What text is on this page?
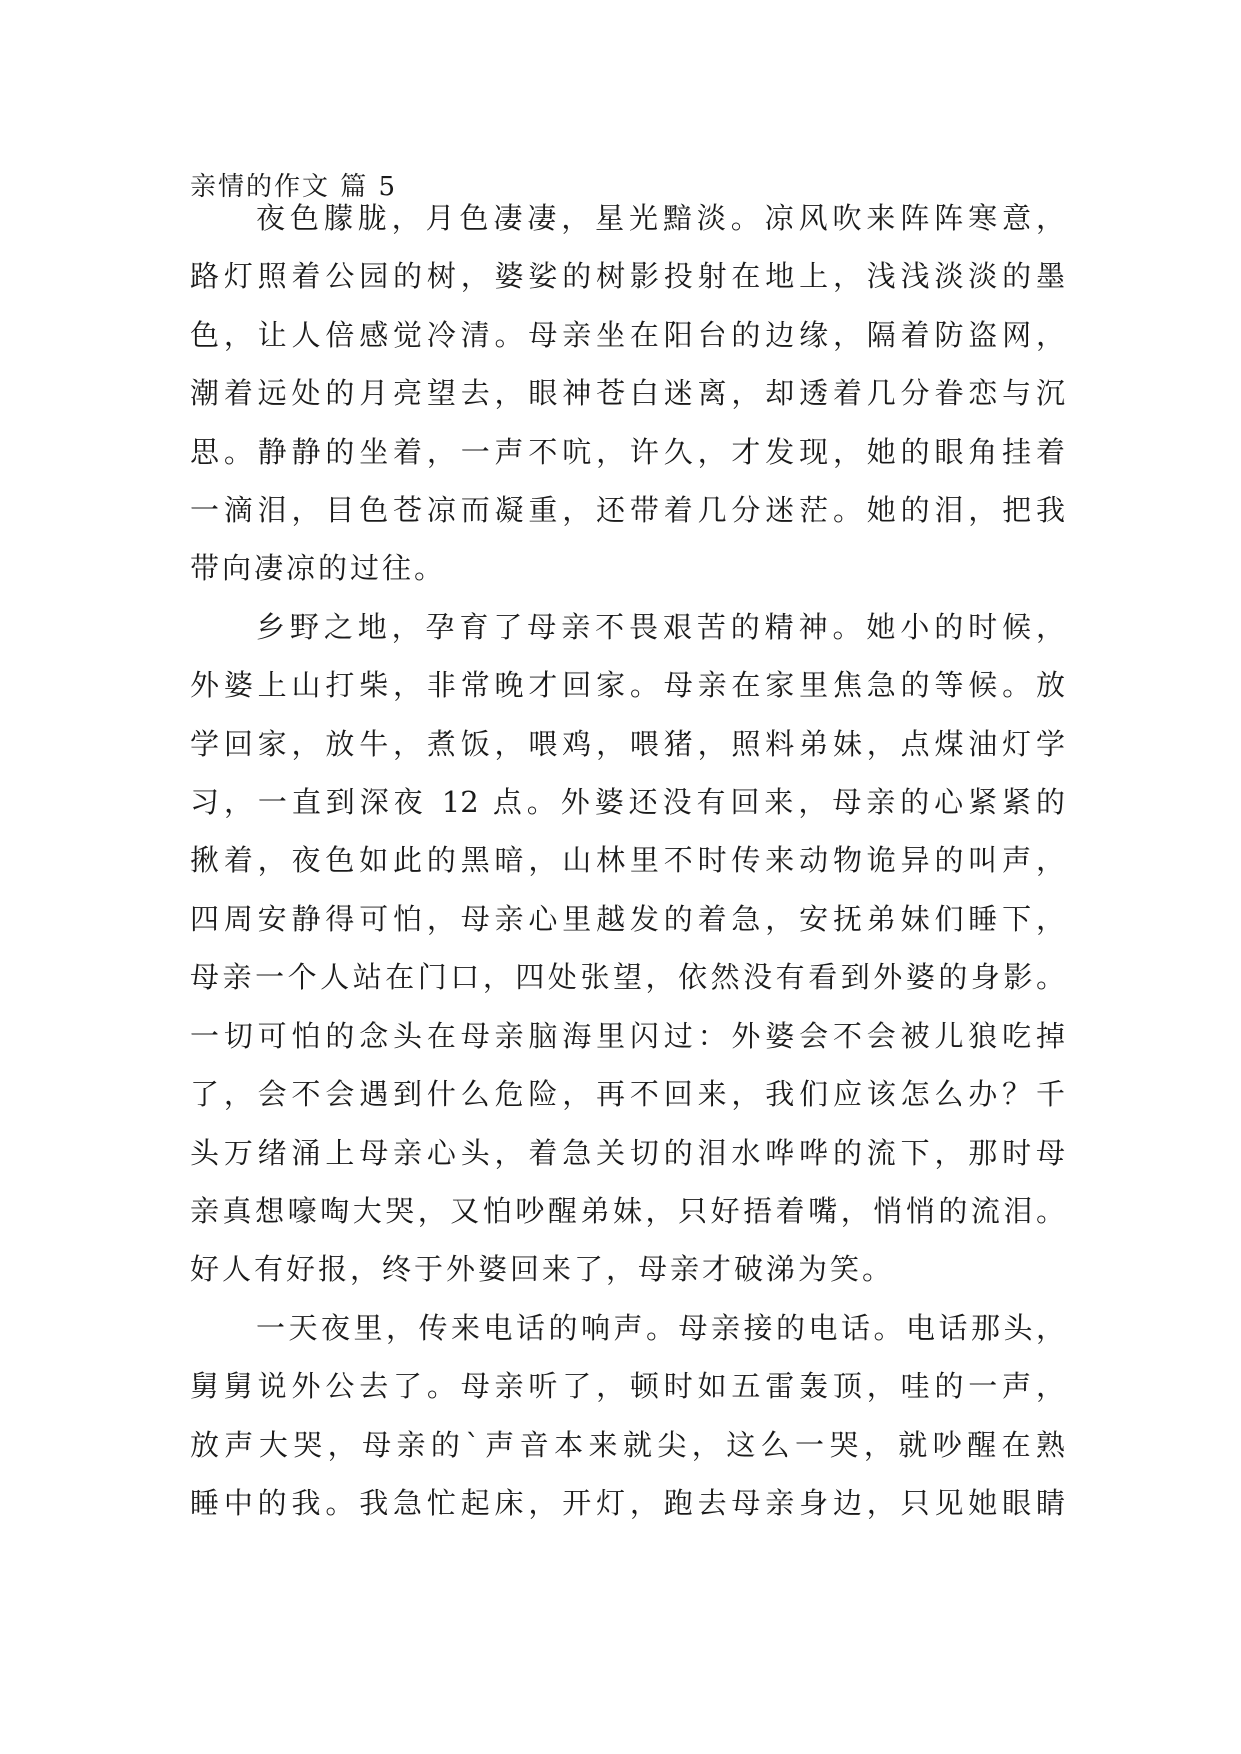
亲情的作文 篇 5
夜色朦胧，月色凄凄，星光黯淡。凉风吹来阵阵寒意，
路灯照着公园的树，婆娑的树影投射在地上，浅浅淡淡的墨
色，让人倍感觉冷清。母亲坐在阳台的边缘，隔着防盗网，
潮着远处的月亮望去，眼神苍白迷离，却透着几分眷恋与沉
思。静静的坐着，一声不吭，许久，才发现，她的眼角挂着
一滴泪，目色苍凉而凝重，还带着几分迷茫。她的泪，把我
带向凄凉的过往。
乡野之地，孕育了母亲不畏艰苦的精神。她小的时候，
外婆上山打柴，非常晚才回家。母亲在家里焦急的等候。放
学回家，放牛，煮饭，喂鸡，喂猪，照料弟妹，点煤油灯学
习，一直到深夜 12 点。外婆还没有回来，母亲的心紧紧的
揪着，夜色如此的黑暗，山林里不时传来动物诡异的叫声，
四周安静得可怕，母亲心里越发的着急，安抚弟妹们睡下，
母亲一个人站在门口，四处张望，依然没有看到外婆的身影。
一切可怕的念头在母亲脑海里闪过：外婆会不会被儿狼吃掉
了，会不会遇到什么危险，再不回来，我们应该怎么办？千
头万绪涌上母亲心头，着急关切的泪水哗哗的流下，那时母
亲真想嚎啕大哭，又怕吵醒弟妹，只好捂着嘴，悄悄的流泪。
好人有好报，终于外婆回来了，母亲才破涕为笑。
一天夜里，传来电话的响声。母亲接的电话。电话那头，
舅舅说外公去了。母亲听了，顿时如五雷轰顶，哇的一声，
放声大哭，母亲的`声音本来就尖，这么一哭，就吵醒在熟
睡中的我。我急忙起床，开灯，跑去母亲身边，只见她眼睛
